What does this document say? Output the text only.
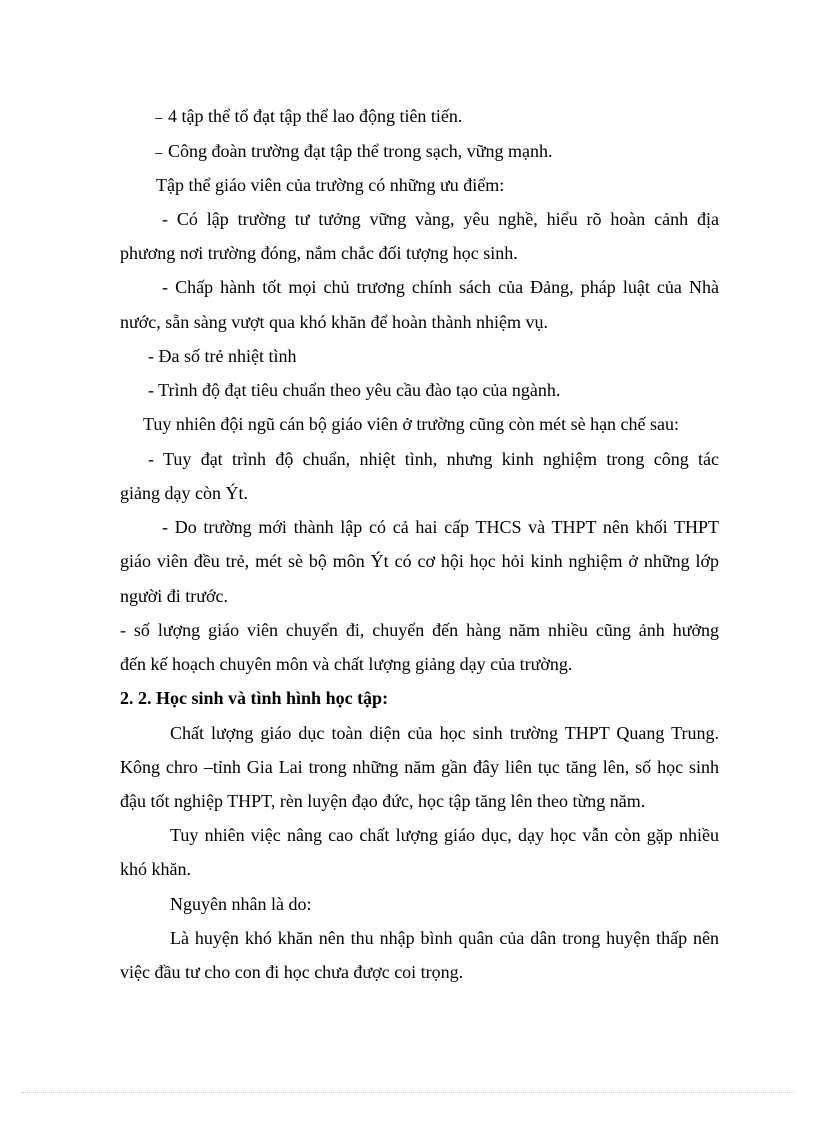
₋ 4 tập thể tổ đạt tập thể lao động tiên tiến.
₋ Công đoàn trường đạt tập thể trong sạch, vững mạnh.
Tập thể giáo viên của trường có những ưu điểm:
- Có lập trường tư tưởng vững vàng, yêu nghề, hiểu rõ hoàn cảnh địa
phương nơi trường đóng, nắm chắc đối tượng học sinh.
- Chấp hành tốt mọi chủ trương chính sách của Đảng, pháp luật của Nhà
nước, sẵn sàng vượt qua khó khăn để hoàn thành nhiệm vụ.
- Đa số trẻ nhiệt tình
- Trình độ đạt tiêu chuẩn theo yêu cầu đào tạo của ngành.
Tuy nhiên đội ngũ cán bộ giáo viên ở trường cũng còn mét sè hạn chế sau:
- Tuy đạt trình độ chuẩn, nhiệt tình, nhưng kinh nghiệm trong công tác
giảng dạy còn Ýt.
- Do trường mới thành lập có cả hai cấp THCS và THPT nên khối THPT
giáo viên đều trẻ, mét sè bộ môn Ýt có cơ hội học hỏi kinh nghiệm ở những lớp
người đi trước.
- số lượng giáo viên chuyển đi, chuyển đến hàng năm nhiều cũng ảnh hưởng
đến kế hoạch chuyên môn và chất lượng giảng dạy của trường.
2. 2. Học sinh và tình hình học tập:
Chất lượng giáo dục toàn diện của học sinh trường THPT Quang Trung.
Kông chro –tỉnh Gia Lai trong những năm gần đây liên tục tăng lên, số học sinh
đậu tốt nghiệp THPT, rèn luyện đạo đức, học tập tăng lên theo từng năm.
Tuy nhiên việc nâng cao chất lượng giáo dục, dạy học vẫn còn gặp nhiều
khó khăn.
Nguyên nhân là do:
Là huyện khó khăn nên thu nhập bình quân của dân trong huyện thấp nên
việc đầu tư cho con đi học chưa được coi trọng.
